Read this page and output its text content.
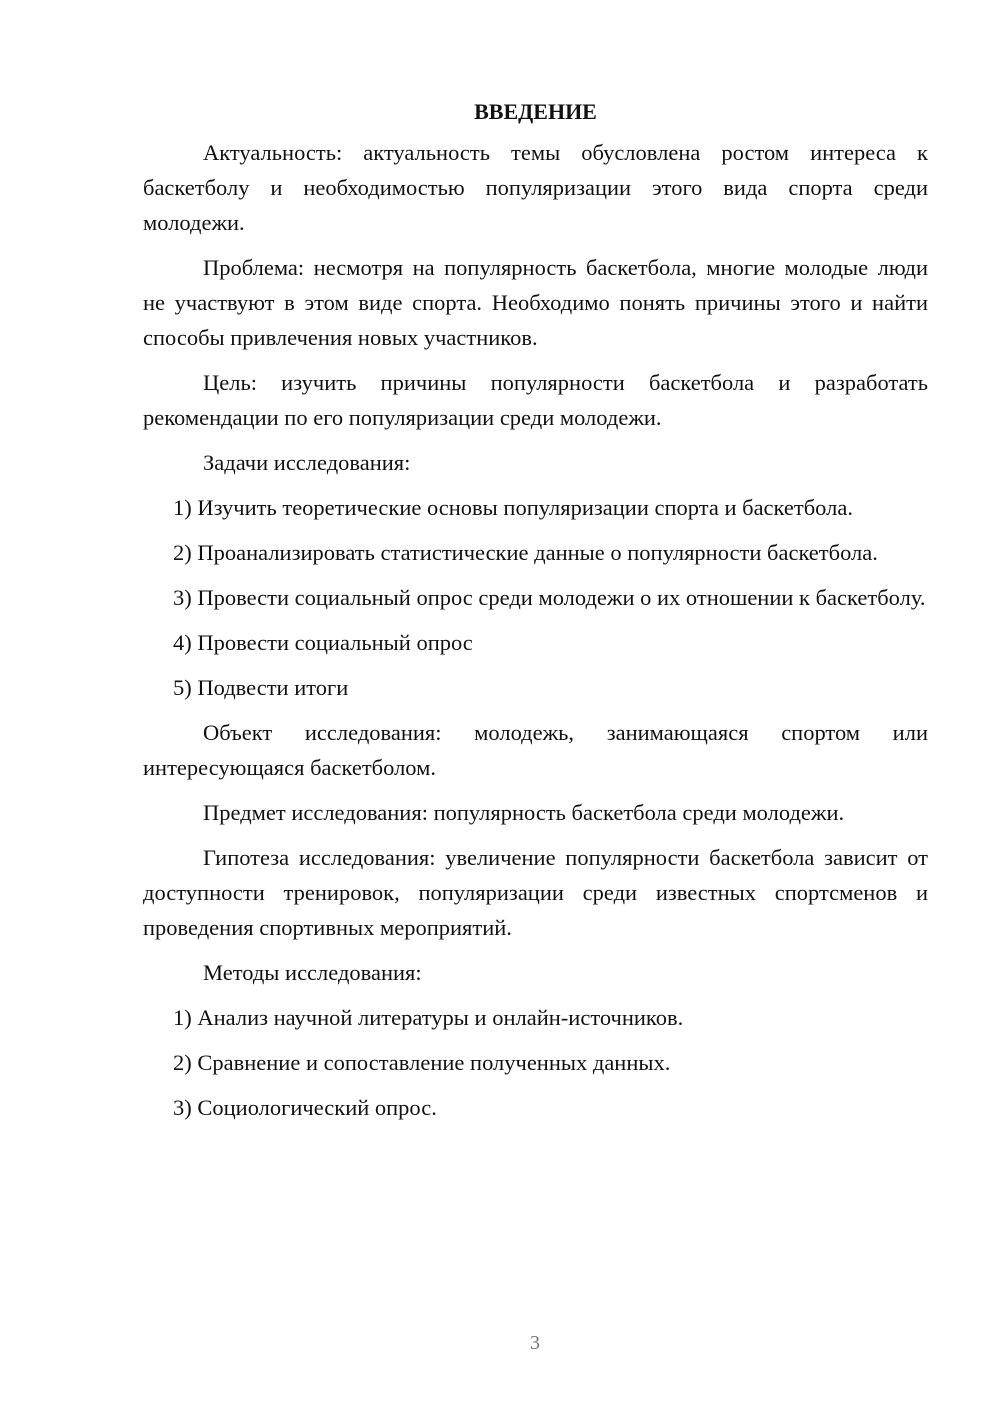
ВВЕДЕНИЕ

Актуальность: актуальность темы обусловлена ростом интереса к баскетболу и необходимостью популяризации этого вида спорта среди молодежи.

Проблема: несмотря на популярность баскетбола, многие молодые люди не участвуют в этом виде спорта. Необходимо понять причины этого и найти способы привлечения новых участников.

Цель: изучить причины популярности баскетбола и разработать рекомендации по его популяризации среди молодежи.

Задачи исследования:

1) Изучить теоретические основы популяризации спорта и баскетбола.

2) Проанализировать статистические данные о популярности баскетбола.

3) Провести социальный опрос среди молодежи о их отношении к баскетболу.

4) Провести социальный опрос

5) Подвести итоги

Объект исследования: молодежь, занимающаяся спортом или интересующаяся баскетболом.

Предмет исследования: популярность баскетбола среди молодежи.

Гипотеза исследования: увеличение популярности баскетбола зависит от доступности тренировок, популяризации среди известных спортсменов и проведения спортивных мероприятий.

Методы исследования:

1) Анализ научной литературы и онлайн-источников.

2) Сравнение и сопоставление полученных данных.

3) Социологический опрос.

3
